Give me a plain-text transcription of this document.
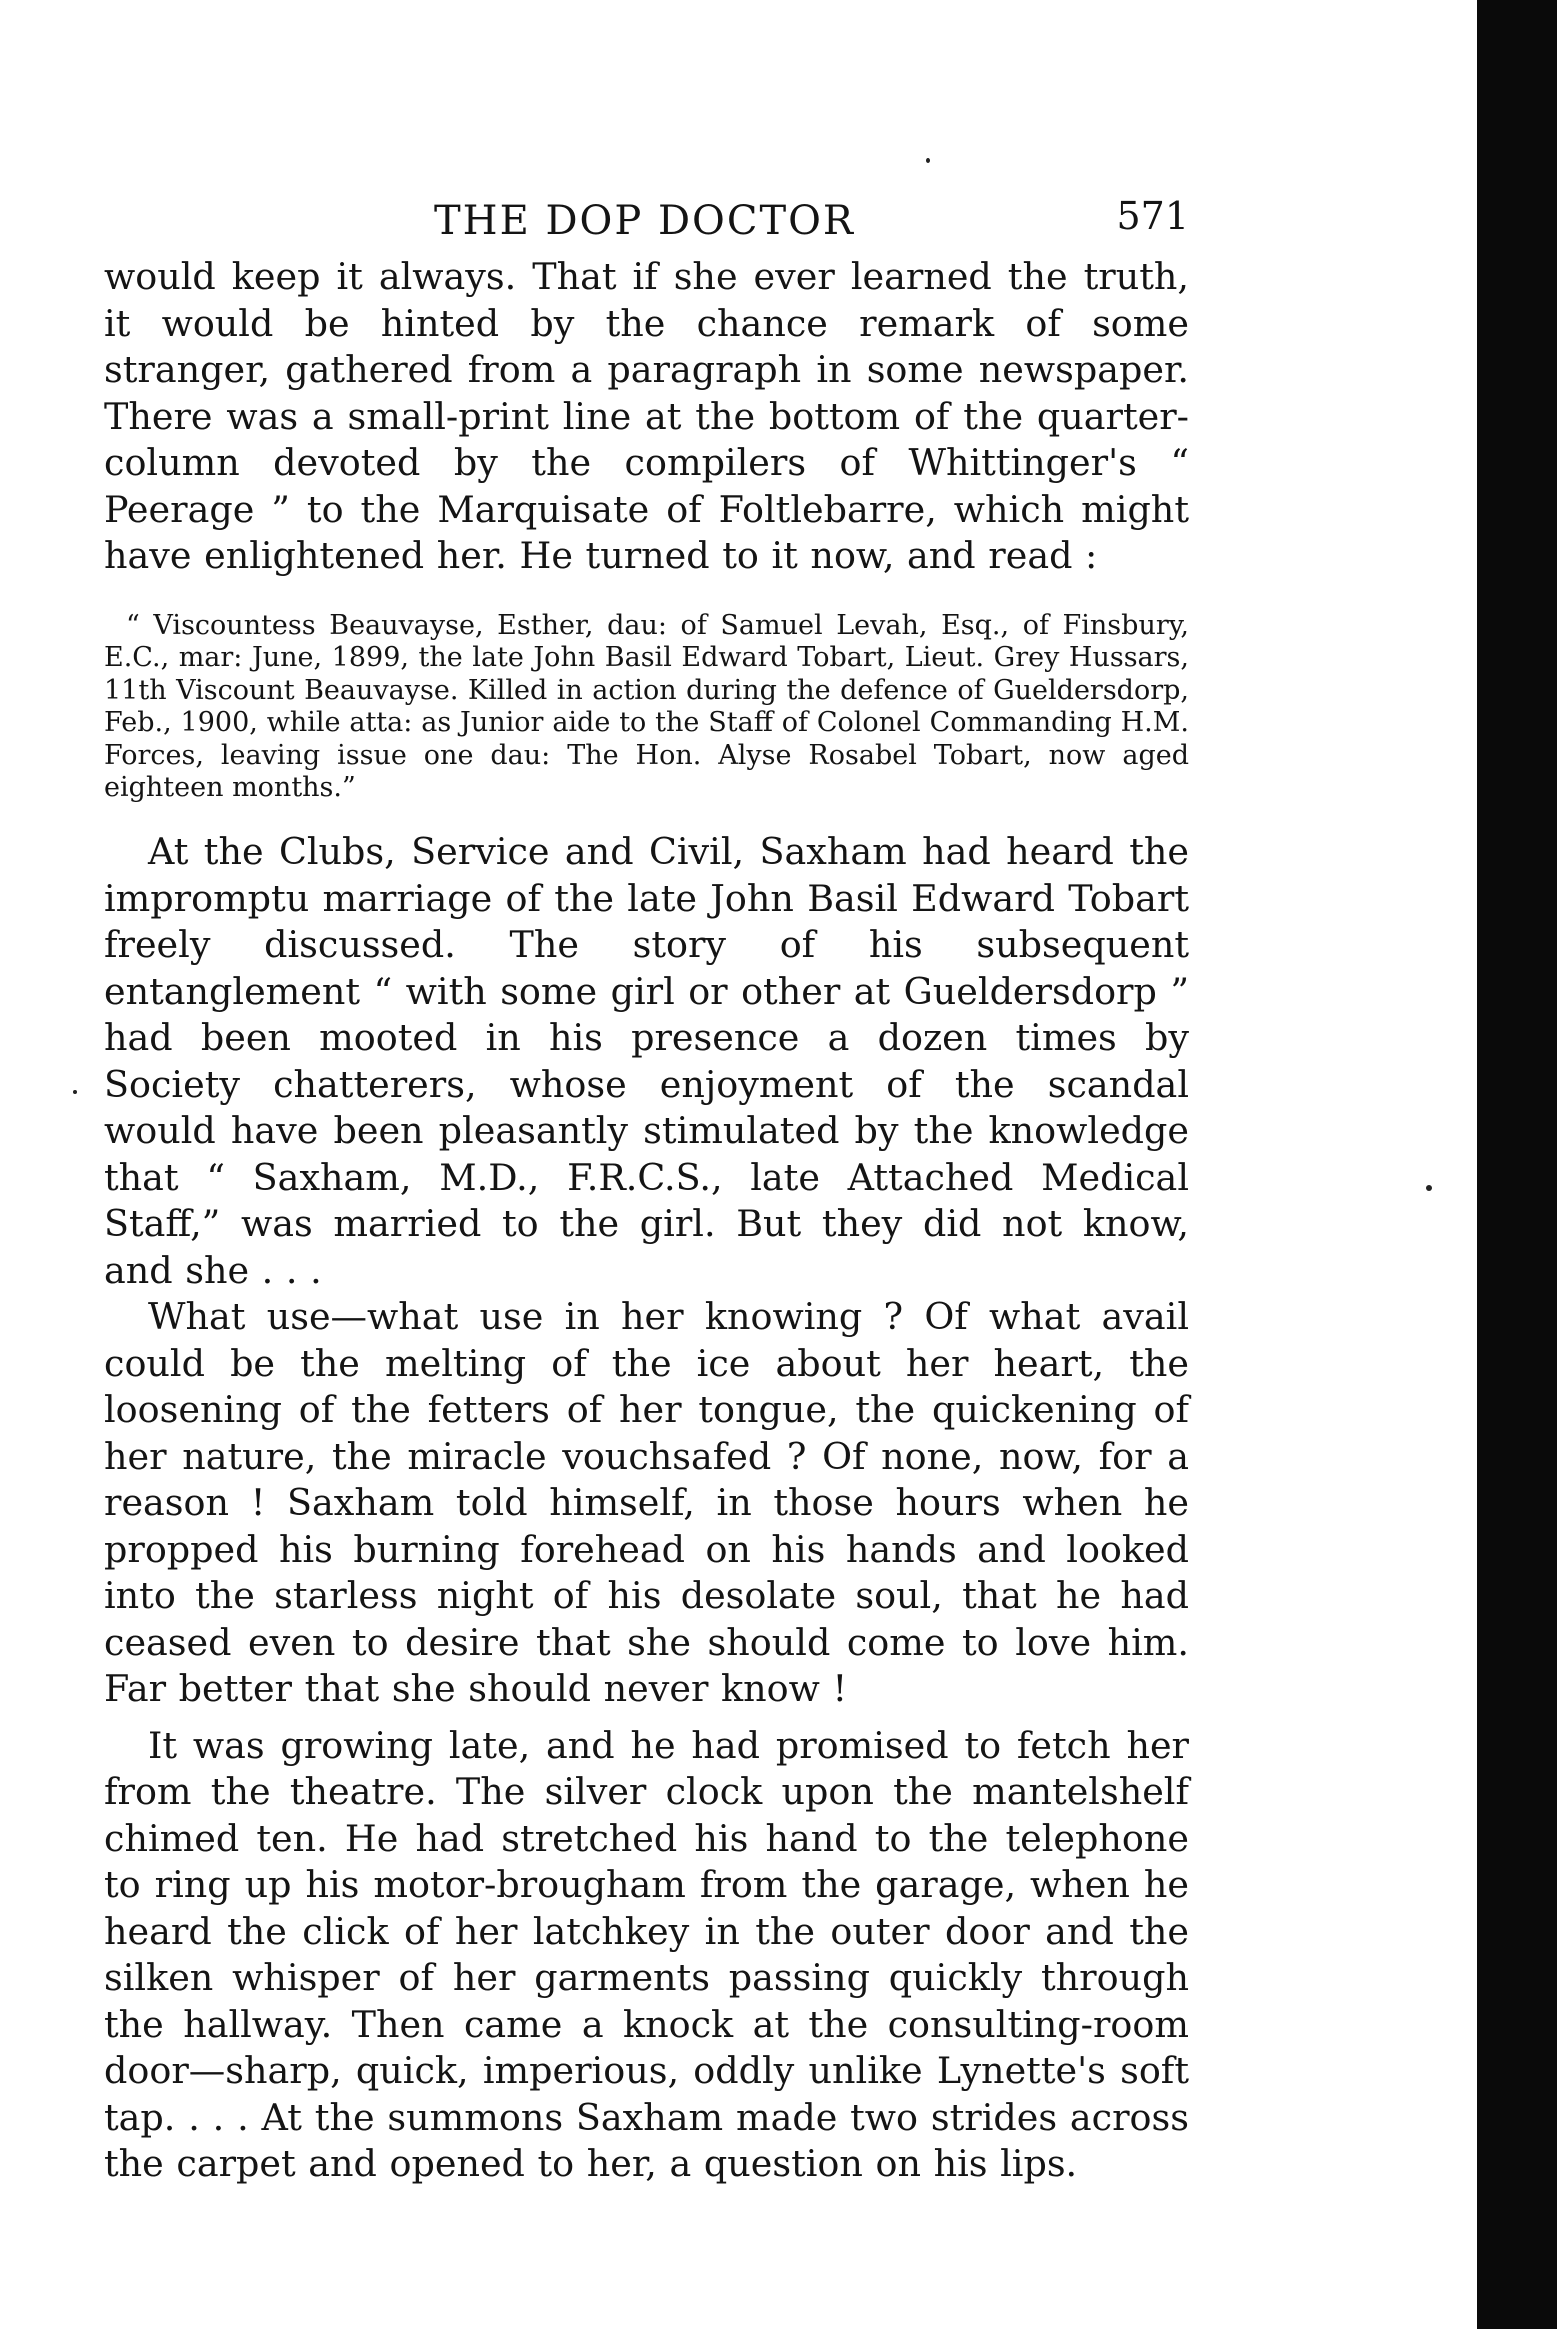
THE DOP DOCTOR	571

would keep it always. That if she ever learned the truth, it would be hinted by the chance remark of some stranger, gathered from a paragraph in some newspaper. There was a small-print line at the bottom of the quarter-column devoted by the compilers of Whittinger's “ Peerage ” to the Marquisate of Foltlebarre, which might have enlightened her. He turned to it now, and read :

“ Viscountess Beauvayse, Esther, dau: of Samuel Levah, Esq., of Finsbury, E.C., mar: June, 1899, the late John Basil Edward Tobart, Lieut. Grey Hussars, 11th Viscount Beauvayse. Killed in action during the defence of Gueldersdorp, Feb., 1900, while atta: as Junior aide to the Staff of Colonel Commanding H.M. Forces, leaving issue one dau: The Hon. Alyse Rosabel Tobart, now aged eighteen months.”

At the Clubs, Service and Civil, Saxham had heard the impromptu marriage of the late John Basil Edward Tobart freely discussed. The story of his subsequent entanglement “ with some girl or other at Gueldersdorp ” had been mooted in his presence a dozen times by Society chatterers, whose enjoyment of the scandal would have been pleasantly stimulated by the knowledge that “ Saxham, M.D., F.R.C.S., late Attached Medical Staff,” was married to the girl. But they did not know, and she . . .

What use—what use in her knowing ? Of what avail could be the melting of the ice about her heart, the loosening of the fetters of her tongue, the quickening of her nature, the miracle vouchsafed ? Of none, now, for a reason ! Saxham told himself, in those hours when he propped his burning forehead on his hands and looked into the starless night of his desolate soul, that he had ceased even to desire that she should come to love him. Far better that she should never know !

It was growing late, and he had promised to fetch her from the theatre. The silver clock upon the mantelshelf chimed ten. He had stretched his hand to the telephone to ring up his motor-brougham from the garage, when he heard the click of her latchkey in the outer door and the silken whisper of her garments passing quickly through the hallway. Then came a knock at the consulting-room door—sharp, quick, imperious, oddly unlike Lynette's soft tap. . . . At the summons Saxham made two strides across the carpet and opened to her, a question on his lips.
